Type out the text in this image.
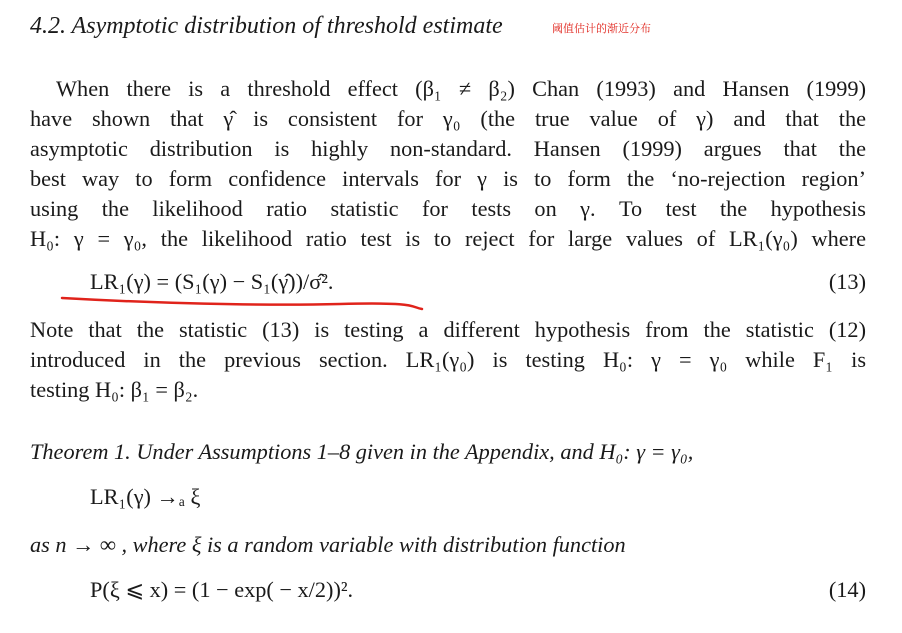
4.2. Asymptotic distribution of threshold estimate	阈值估计的渐近分布
When there is a threshold effect (β₁ ≠ β₂) Chan (1993) and Hansen (1999)
have shown that γ̂ is consistent for γ₀ (the true value of γ) and that the
asymptotic distribution is highly non-standard. Hansen (1999) argues that the
best way to form confidence intervals for γ is to form the ‘no-rejection region’
using the likelihood ratio statistic for tests on γ. To test the hypothesis
H₀: γ = γ₀, the likelihood ratio test is to reject for large values of LR₁(γ₀) where
LR₁(γ) = (S₁(γ) − S₁(γ̂))/σ̂².	(13)
Note that the statistic (13) is testing a different hypothesis from the statistic (12)
introduced in the previous section. LR₁(γ₀) is testing H₀: γ = γ₀ while F₁ is
testing H₀: β₁ = β₂.
Theorem 1. Under Assumptions 1–8 given in the Appendix, and H₀: γ = γ₀,
LR₁(γ) →ₐ ξ
as n → ∞ , where ξ is a random variable with distribution function
P(ξ ⩽ x) = (1 − exp( − x/2))².	(14)
